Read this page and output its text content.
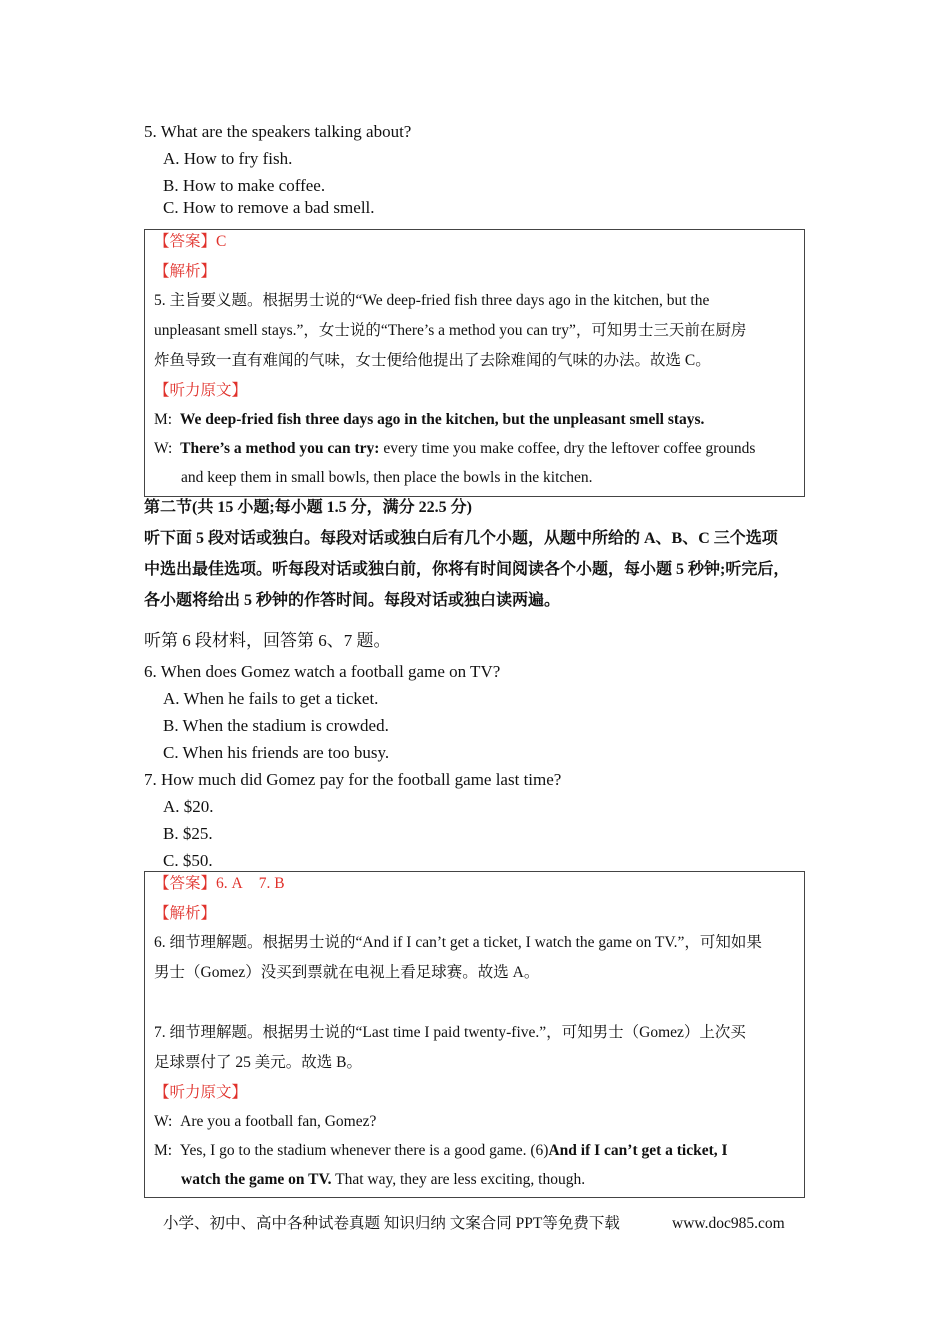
5. What are the speakers talking about?
A. How to fry fish.
B. How to make coffee.
C. How to remove a bad smell.
【答案】C
【解析】
5. 主旨要义题。根据男士说的“We deep-fried fish three days ago in the kitchen, but the
unpleasant smell stays.”，女士说的“There’s a method you can try”，可知男士三天前在厨房
炸鱼导致一直有难闻的气味，女士便给他提出了去除难闻的气味的办法。故选 C。
【听力原文】
M: We deep-fried fish three days ago in the kitchen, but the unpleasant smell stays.
W: There’s a method you can try: every time you make coffee, dry the leftover coffee grounds
and keep them in small bowls, then place the bowls in the kitchen.
第二节(共 15 小题;每小题 1.5 分，满分 22.5 分)
听下面 5 段对话或独白。每段对话或独白后有几个小题，从题中所给的 A、B、C 三个选项
中选出最佳选项。听每段对话或独白前，你将有时间阅读各个小题，每小题 5 秒钟;听完后，
各小题将给出 5 秒钟的作答时间。每段对话或独白读两遍。
听第 6 段材料，回答第 6、7 题。
6. When does Gomez watch a football game on TV?
A. When he fails to get a ticket.
B. When the stadium is crowded.
C. When his friends are too busy.
7. How much did Gomez pay for the football game last time?
A. $20.
B. $25.
C. $50.
【答案】6. A 7. B
【解析】
6. 细节理解题。根据男士说的“And if I can’t get a ticket, I watch the game on TV.”，可知如果
男士（Gomez）没买到票就在电视上看足球赛。故选 A。
7. 细节理解题。根据男士说的“Last time I paid twenty-five.”，可知男士（Gomez）上次买
足球票付了 25 美元。故选 B。
【听力原文】
W: Are you a football fan, Gomez?
M: Yes, I go to the stadium whenever there is a good game. (6)And if I can’t get a ticket, I
watch the game on TV. That way, they are less exciting, though.
小学、初中、高中各种试卷真题 知识归纳 文案合同 PPT等免费下载	www.doc985.com
